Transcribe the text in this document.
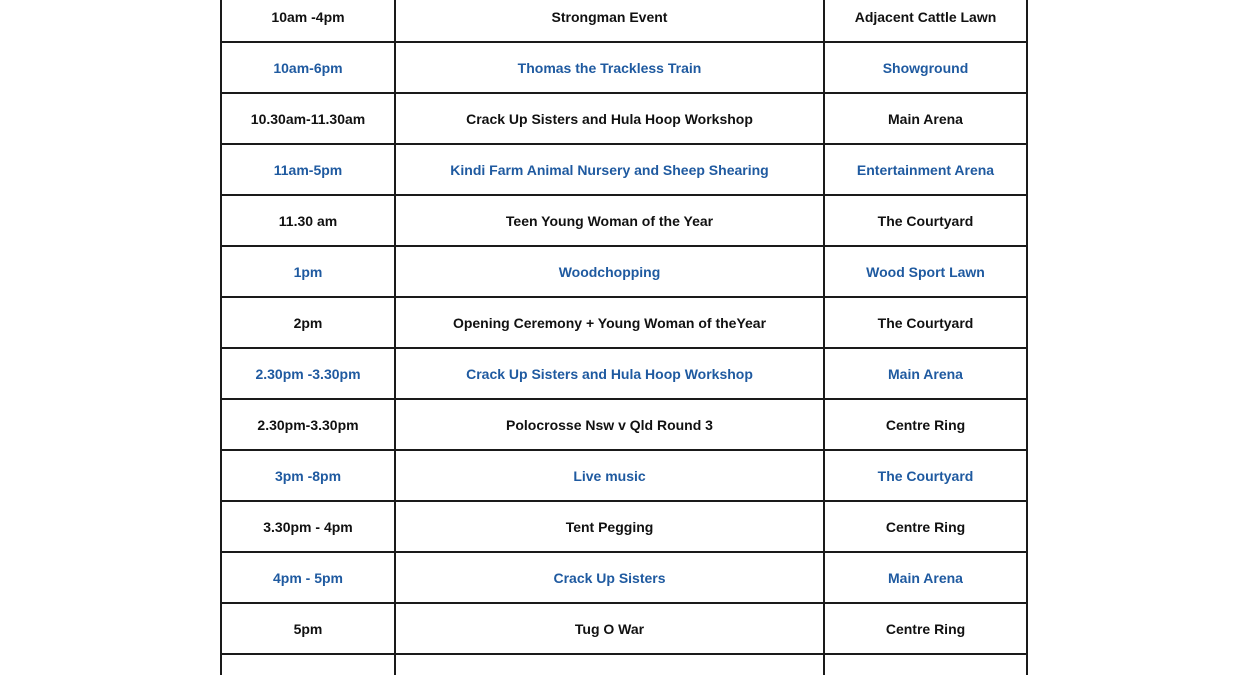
10am -4pm	Strongman Event	Adjacent Cattle Lawn
10am-6pm	Thomas the Trackless Train	Showground
10.30am-11.30am	Crack Up Sisters and Hula Hoop Workshop	Main Arena
11am-5pm	Kindi Farm Animal Nursery and Sheep Shearing	Entertainment Arena
11.30 am	Teen Young Woman of the Year	The Courtyard
1pm	Woodchopping	Wood Sport Lawn
2pm	Opening Ceremony + Young Woman of theYear	The Courtyard
2.30pm -3.30pm	Crack Up Sisters and Hula Hoop Workshop	Main Arena
2.30pm-3.30pm	Polocrosse Nsw v Qld Round 3	Centre Ring
3pm -8pm	Live music	The Courtyard
3.30pm - 4pm	Tent Pegging	Centre Ring
4pm - 5pm	Crack Up Sisters	Main Arena
5pm	Tug O War	Centre Ring
